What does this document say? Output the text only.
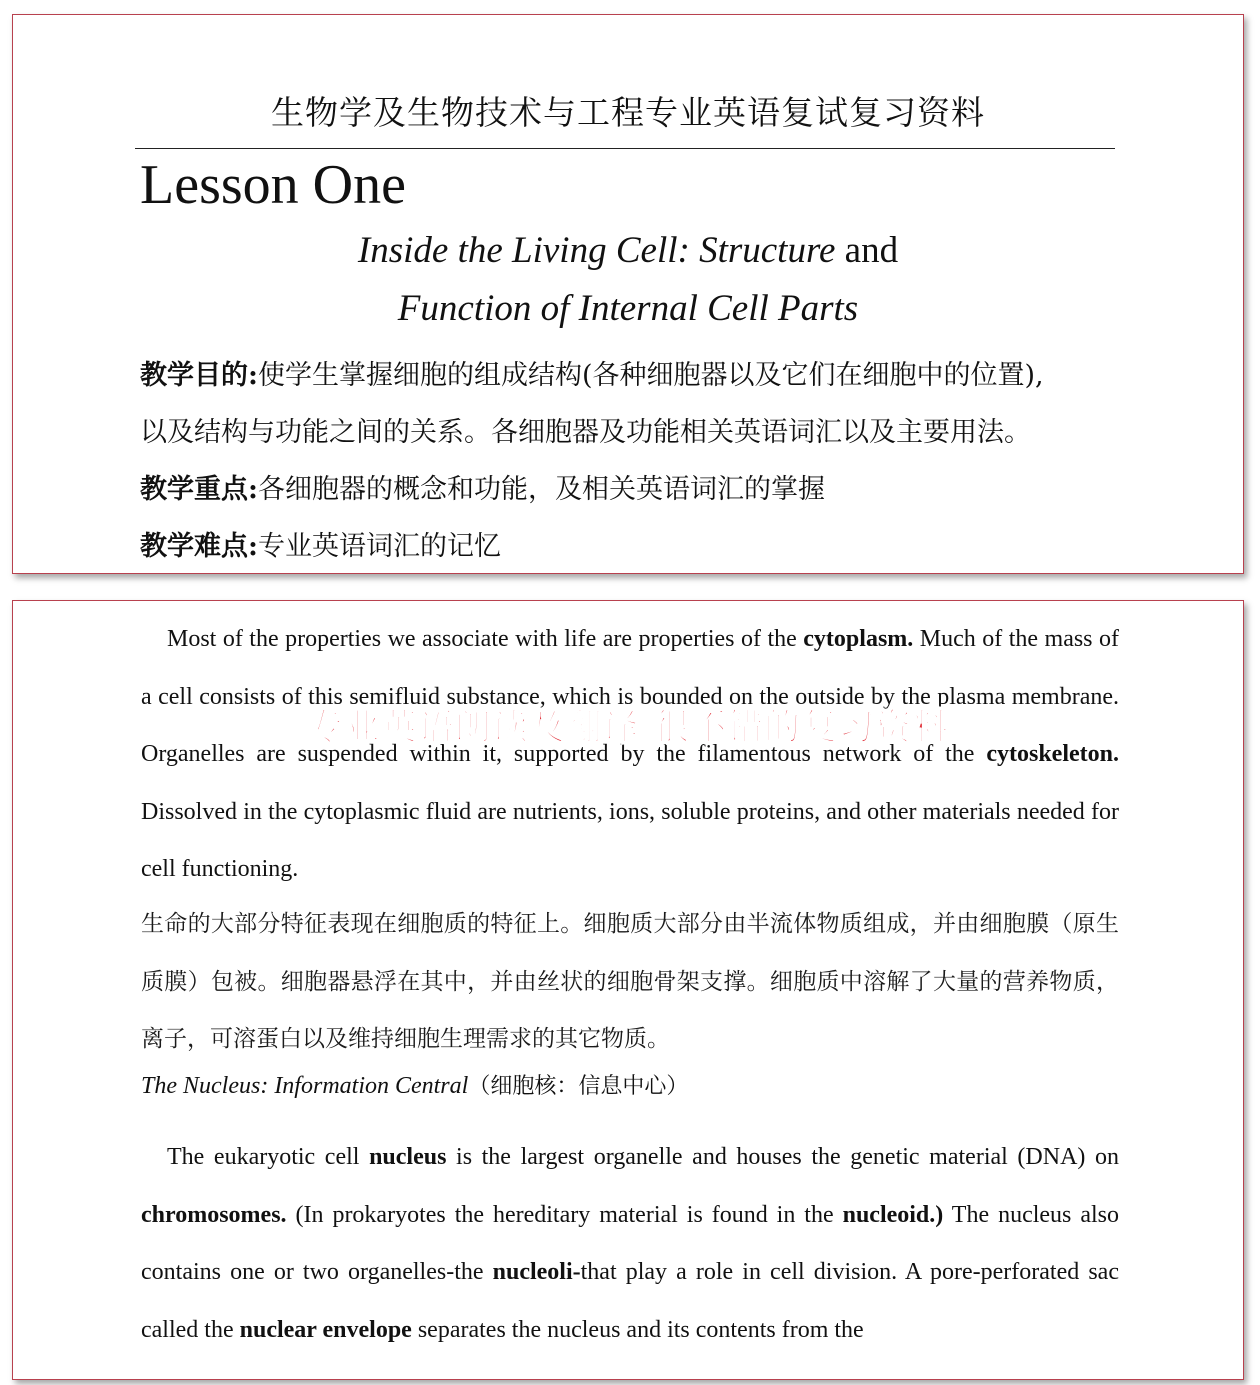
生物学及生物技术与工程专业英语复试复习资料
Lesson One
Inside the Living Cell: Structure and
Function of Internal Cell Parts
教学目的:使学生掌握细胞的组成结构(各种细胞器以及它们在细胞中的位置),
以及结构与功能之间的关系。各细胞器及功能相关英语词汇以及主要用法。
教学重点:各细胞器的概念和功能，及相关英语词汇的掌握
教学难点:专业英语词汇的记忆
Most of the properties we associate with life are properties of the cytoplasm. Much of the mass of a cell consists of this semifluid substance, which is bounded on the outside by the plasma membrane. Organelles are suspended within it, supported by the filamentous network of the cytoskeleton. Dissolved in the cytoplasmic fluid are nutrients, ions, soluble proteins, and other materials needed for cell functioning.
生命的大部分特征表现在细胞质的特征上。细胞质大部分由半流体物质组成，并由细胞膜（原生质膜）包被。细胞器悬浮在其中，并由丝状的细胞骨架支撑。细胞质中溶解了大量的营养物质，离子，可溶蛋白以及维持细胞生理需求的其它物质。
The Nucleus: Information Central（细胞核：信息中心）
The eukaryotic cell nucleus is the largest organelle and houses the genetic material (DNA) on chromosomes. (In prokaryotes the hereditary material is found in the nucleoid.) The nucleus also contains one or two organelles-the nucleoli-that play a role in cell division. A pore-perforated sac called the nuclear envelope separates the nucleus and its contents from the
专业英语朗读及翻译 很不错的复习资料
